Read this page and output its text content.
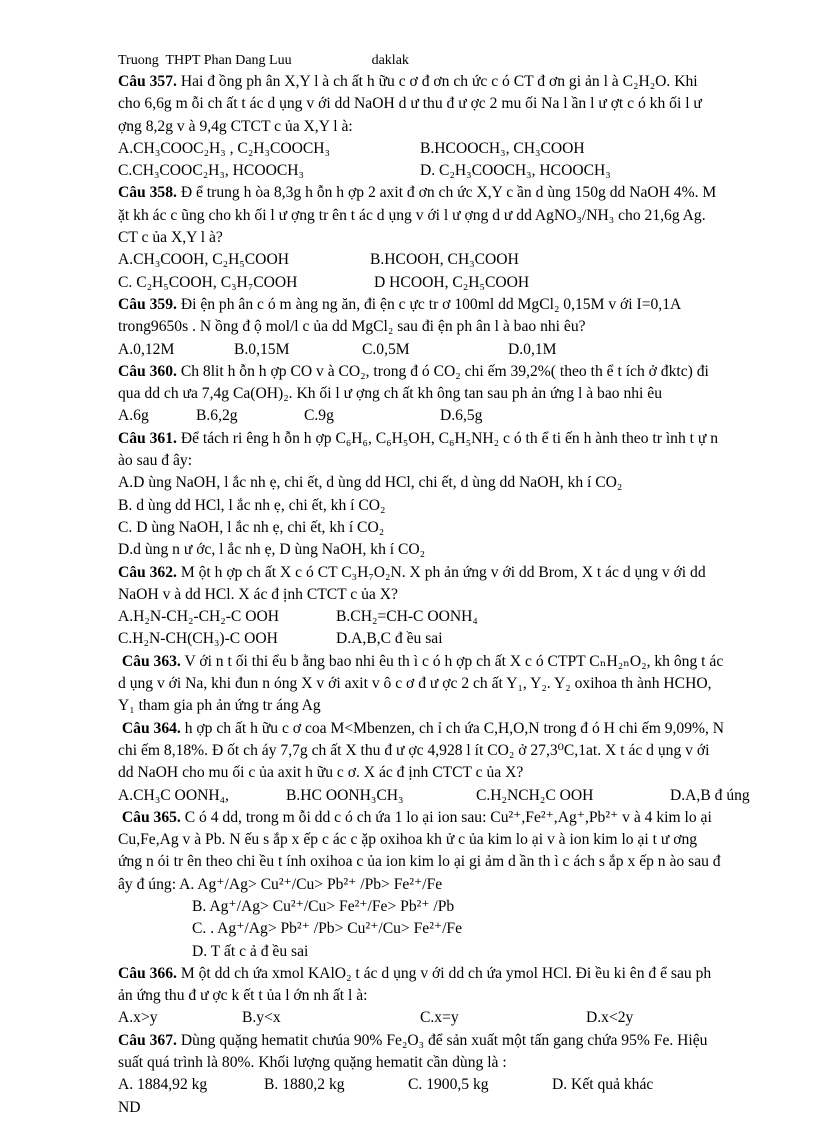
Truong  THPT Phan Dang Luu	daklak
Câu 357. Hai đ ồng ph ân X,Y l à ch ất h ữu c ơ đ ơn ch ức c ó CT đ ơn gi ản l à C₂H₂O. Khi
cho 6,6g m ỗi ch ất t ác d ụng v ới dd NaOH d ư thu đ ư ợc 2 mu ối Na l ần l ư ợt c ó kh ối l ư
ợng 8,2g v à 9,4g CTCT c ủa X,Y l à:
A.CH₃COOC₂H₃ , C₂H₃COOCH₃	B.HCOOCH₃, CH₃COOH
C.CH₃COOC₂H₃, HCOOCH₃	D. C₂H₃COOCH₃, HCOOCH₃
Câu 358. Đ ể trung h òa 8,3g h ỗn h ợp 2 axit đ ơn ch ức X,Y c ần d ùng 150g dd NaOH 4%. M
ặt kh ác c ũng cho kh ối l ư ợng tr ên t ác d ụng v ới l ư ợng d ư dd AgNO₃/NH₃ cho 21,6g Ag.
CT c ủa X,Y l à?
A.CH₃COOH, C₂H₅COOH	B.HCOOH, CH₃COOH
C. C₂H₅COOH, C₃H₇COOH	D HCOOH, C₂H₅COOH
Câu 359. Đi ện ph ân c ó m àng ng ăn, đi ện c ực tr ơ 100ml dd MgCl₂ 0,15M v ới I=0,1A
trong9650s . N ồng đ ộ mol/l c ủa dd MgCl₂ sau đi ện ph ân l à bao nhi êu?
A.0,12M	B.0,15M	C.0,5M	D.0,1M
Câu 360. Ch 8lit h ỗn h ợp CO v à CO₂, trong đ ó CO₂ chi ếm 39,2%( theo th ể t ích ở đktc) đi
qua dd ch ưa 7,4g Ca(OH)₂. Kh ối l ư ợng ch ất kh ông tan sau ph ản ứng l à bao nhi êu
A.6g	B.6,2g	C.9g	D.6,5g
Câu 361. Để tách ri êng h ỗn h ợp C₆H₆, C₆H₅OH, C₆H₅NH₂ c ó th ể ti ến h ành theo tr ình t ự n
ào sau đ ây:
A.D ùng NaOH, l ắc nh ẹ, chi ết, d ùng dd HCl, chi ết, d ùng dd NaOH, kh í CO₂
B. d ùng dd HCl, l ắc nh ẹ, chi ết, kh í CO₂
C. D ùng NaOH, l ắc nh ẹ, chi ết, kh í CO₂
D.d ùng n ư ớc, l ắc nh ẹ, D ùng NaOH, kh í CO₂
Câu 362. M ột h ợp ch ất X c ó CT C₃H₇O₂N. X ph ản ứng v ới dd Brom, X t ác d ụng v ới dd
NaOH v à dd HCl. X ác đ ịnh CTCT c ủa X?
A.H₂N-CH₂-CH₂-C OOH	B.CH₂=CH-C OONH₄
C.H₂N-CH(CH₃)-C OOH	D.A,B,C đ ều sai
Câu 363. V ới n t ối thi ểu b ằng bao nhi êu th ì c ó h ợp ch ất X c ó CTPT CₙH₂ₙO₂, kh ông t ác
d ụng v ới Na, khi đun n óng X v ới axit v ô c ơ đ ư ợc 2 ch ất Y₁, Y₂. Y₂ oxihoa th ành HCHO,
Y₁ tham gia ph ản ứng tr áng Ag
Câu 364. h ợp ch ất h ữu c ơ coa M<Mbenzen, ch ỉ ch ứa C,H,O,N trong đ ó H chi ếm 9,09%, N
chi ếm 8,18%. Đ ốt ch áy 7,7g ch ất X thu đ ư ợc 4,928 l ít CO₂ ở 27,3⁰C,1at. X t ác d ụng v ới
dd NaOH cho mu ối c ủa axit h ữu c ơ. X ác đ ịnh CTCT c ủa X?
A.CH₃C OONH₄,	B.HC OONH₃CH₃	C.H₂NCH₂C OOH	D.A,B đ úng
Câu 365. C ó 4 dd, trong m ỗi dd c ó ch ứa 1 lo ại ion sau: Cu²⁺,Fe²⁺,Ag⁺,Pb²⁺ v à 4 kim lo ại
Cu,Fe,Ag v à Pb. N ếu s ắp x ếp c ác c ặp oxihoa kh ử c ủa kim lo ại v à ion kim lo ại t ư ơng
ứng n ói tr ên theo chi ều t ính oxihoa c ủa ion kim lo ại gi ảm d ần th ì c ách s ắp x ếp n ào sau đ
ây đ úng: A. Ag⁺/Ag> Cu²⁺/Cu> Pb²⁺ /Pb> Fe²⁺/Fe
B. Ag⁺/Ag> Cu²⁺/Cu> Fe²⁺/Fe> Pb²⁺ /Pb
C. . Ag⁺/Ag> Pb²⁺ /Pb> Cu²⁺/Cu> Fe²⁺/Fe
D. T ất c ả đ ều sai
Câu 366. M ột dd ch ứa xmol KAlO₂ t ác d ụng v ới dd ch ứa ymol HCl. Đi ều ki ên đ ể sau ph
ản ứng thu đ ư ợc k ết t ủa l ớn nh ất l à:
A.x>y	B.y<x	C.x=y	D.x<2y
Câu 367. Dùng quặng hematit chưúa 90% Fe₂O₃ để sản xuất một tấn gang chứa 95% Fe. Hiệu
suất quá trình là 80%. Khối lượng quặng hematit cần dùng là :
A. 1884,92 kg	B. 1880,2 kg	C. 1900,5 kg	D. Kết quả khác
ND
